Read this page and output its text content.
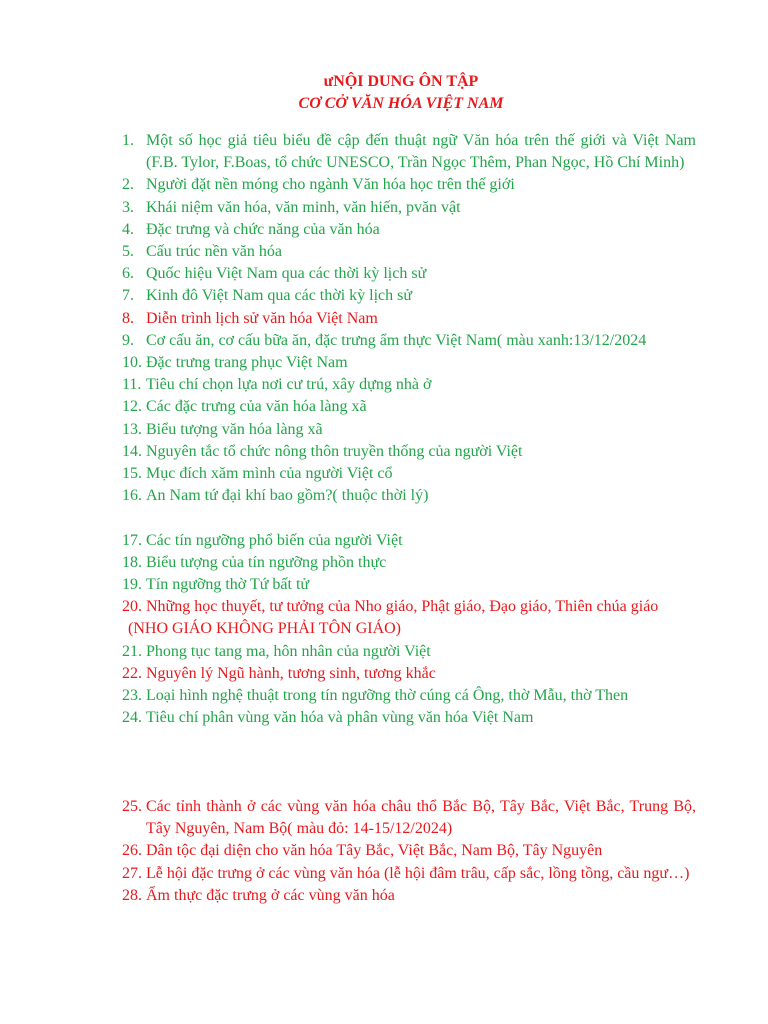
ưNỘI DUNG ÔN TẬP

CƠ CỞ VĂN HÓA VIỆT NAM

1. Một số học giả tiêu biểu đề cập đến thuật ngữ Văn hóa trên thế giới và Việt Nam (F.B. Tylor, F.Boas, tổ chức UNESCO, Trần Ngọc Thêm, Phan Ngọc, Hồ Chí Minh)
2. Người đặt nền móng cho ngành Văn hóa học trên thế giới
3. Khái niệm văn hóa, văn minh, văn hiến, pvăn vật
4. Đặc trưng và chức năng của văn hóa
5. Cấu trúc nền văn hóa
6. Quốc hiệu Việt Nam qua các thời kỳ lịch sử
7. Kinh đô Việt Nam qua các thời kỳ lịch sử
8. Diễn trình lịch sử văn hóa Việt Nam
9. Cơ cấu ăn, cơ cấu bữa ăn, đặc trưng ẩm thực Việt Nam( màu xanh:13/12/2024
10. Đặc trưng trang phục Việt Nam
11. Tiêu chí chọn lựa nơi cư trú, xây dựng nhà ở
12. Các đặc trưng của văn hóa làng xã
13. Biểu tượng văn hóa làng xã
14. Nguyên tắc tổ chức nông thôn truyền thống của người Việt
15. Mục đích xăm mình của người Việt cổ
16. An Nam tứ đại khí bao gồm?( thuộc thời lý)
17. Các tín ngưỡng phổ biến của người Việt
18. Biểu tượng của tín ngưỡng phồn thực
19. Tín ngưỡng thờ Tứ bất tử
20. Những học thuyết, tư tưởng của Nho giáo, Phật giáo, Đạo giáo, Thiên chúa giáo
(NHO GIÁO KHÔNG PHẢI TÔN GIÁO)
21. Phong tục tang ma, hôn nhân của người Việt
22. Nguyên lý Ngũ hành, tương sinh, tương khắc
23. Loại hình nghệ thuật trong tín ngưỡng thờ cúng cá Ông, thờ Mẫu, thờ Then
24. Tiêu chí phân vùng văn hóa và phân vùng văn hóa Việt Nam
25. Các tỉnh thành ở các vùng văn hóa châu thổ Bắc Bộ, Tây Bắc, Việt Bắc, Trung Bộ, Tây Nguyên, Nam Bộ( màu đỏ: 14-15/12/2024)
26. Dân tộc đại diện cho văn hóa Tây Bắc, Việt Bắc, Nam Bộ, Tây Nguyên
27. Lễ hội đặc trưng ở các vùng văn hóa (lễ hội đâm trâu, cấp sắc, lồng tồng, cầu ngư…)
28. Ẩm thực đặc trưng ở các vùng văn hóa
